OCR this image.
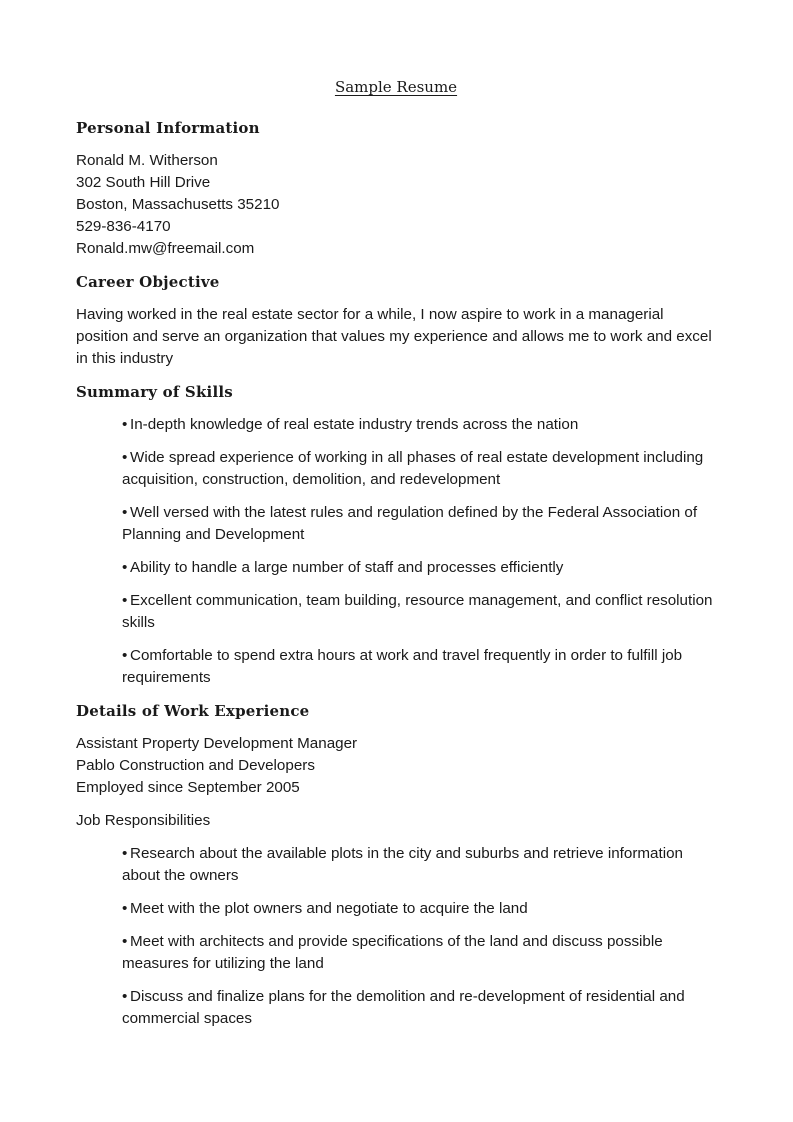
Sample Resume
Personal Information
Ronald M. Witherson
302 South Hill Drive
Boston, Massachusetts 35210
529-836-4170
Ronald.mw@freemail.com
Career Objective
Having worked in the real estate sector for a while, I now aspire to work in a managerial position and serve an organization that values my experience and allows me to work and excel in this industry
Summary of Skills
• In-depth knowledge of real estate industry trends across the nation
• Wide spread experience of working in all phases of real estate development including acquisition, construction, demolition, and redevelopment
• Well versed with the latest rules and regulation defined by the Federal Association of Planning and Development
• Ability to handle a large number of staff and processes efficiently
• Excellent communication, team building, resource management, and conflict resolution skills
• Comfortable to spend extra hours at work and travel frequently in order to fulfill job requirements
Details of Work Experience
Assistant Property Development Manager
Pablo Construction and Developers
Employed since September 2005
Job Responsibilities
• Research about the available plots in the city and suburbs and retrieve information about the owners
• Meet with the plot owners and negotiate to acquire the land
• Meet with architects and provide specifications of the land and discuss possible measures for utilizing the land
• Discuss and finalize plans for the demolition and re-development of residential and commercial spaces
